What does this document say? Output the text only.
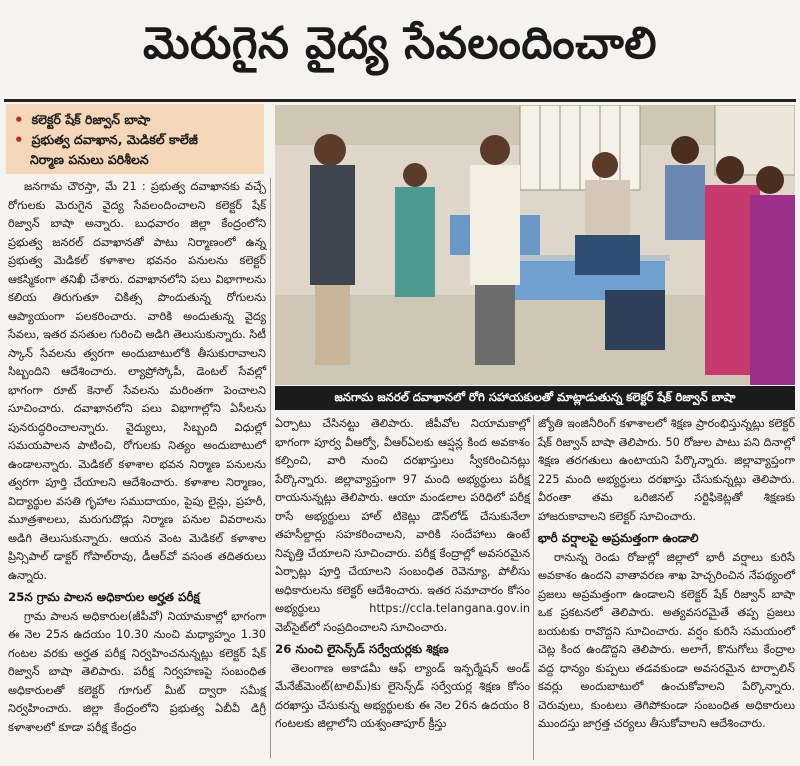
మెరుగైన వైద్య సేవలందించాలి
• కలెక్టర్ షేక్ రిజ్వాన్ బాషా
• ప్రభుత్వ దవాఖాన, మెడికల్ కాలేజీ
నిర్మాణ పనులు పరిశీలన
జనగామ జనరల్ దవాఖానలో రోగి సహాయకులతో మాట్లాడుతున్న కలెక్టర్ షేక్ రిజ్వాన్ బాషా

జనగామ చౌరస్తా, మే 21 : ప్రభుత్వ దవాఖానకు వచ్చే రోగులకు మెరుగైన వైద్య సేవలందించాలని కలెక్టర్ షేక్ రిజ్వాన్ బాషా అన్నారు. బుధవారం జిల్లా కేంద్రంలోని ప్రభుత్వ జనరల్ దవాఖానతో పాటు నిర్మాణంలో ఉన్న ప్రభుత్వ మెడికల్ కళాశాల భవనం పనులను కలెక్టర్ ఆకస్మికంగా తనిఖీ చేశారు. దవాఖానలోని పలు విభాగాలను కలియ తిరుగుతూ చికిత్స పొందుతున్న రోగులను ఆప్యాయంగా పలకరించారు. వారికి అందుతున్న వైద్య సేవలు, ఇతర వసతుల గురించి అడిగి తెలుసుకున్నారు. సిటీ స్కాన్ సేవలను త్వరగా అందుబాటులోకి తీసుకురావాలని సిబ్బందిని ఆదేశించారు. ల్యాప్రోస్కోపీ, డెంటల్ సేవల్లో భాగంగా రూట్ కెనాల్ సేవలను మరింతగా పెంచాలని సూచించారు. దవాఖానలోని పలు విభాగాల్లోని ఏసీలను పునరుద్ధరించాలన్నారు. వైద్యులు, సిబ్బంది విధుల్లో సమయపాలన పాటించి, రోగులకు నిత్యం అందుబాటులో ఉండాలన్నారు. మెడికల్ కళాశాల భవన నిర్మాణ పనులను త్వరగా పూర్తి చేయాలని ఆదేశించారు. కళాశాల నిర్మాణం, విద్యార్థుల వసతి గృహాల సముదాయం, పైపు లైన్లు, ప్రహరీ, మూత్రశాలలు, మరుగుదొడ్లు నిర్మాణ పనుల వివరాలను అడిగి తెలుసుకున్నారు. ఆయన వెంట మెడికల్ కళాశాల ప్రిన్సిపాల్ డాక్టర్ గోపాల్‌రావు, డీఆర్‌వో వసంత తదితరులు ఉన్నారు.

25న గ్రామ పాలన అధికారుల అర్హత పరీక్ష

గ్రామ పాలన అధికారుల(జీపీవో) నియామకాల్లో భాగంగా ఈ నెల 25న ఉదయం 10.30 నుంచి మధ్యాహ్నం 1.30 గంటల వరకు అర్హత పరీక్ష నిర్వహించనున్నట్లు కలెక్టర్ షేక్ రిజ్వాన్ బాషా తెలిపారు. పరీక్ష నిర్వహణపై సంబంధిత అధికారులతో కలెక్టర్ గూగుల్ మీట్ ద్వారా సమీక్ష నిర్వహించారు. జిల్లా కేంద్రంలోని ప్రభుత్వ ఏబీవీ డిగ్రీ కళాశాలలో కూడా పరీక్ష కేంద్రం

ఏర్పాటు చేసినట్టు తెలిపారు. జీపీవోల నియామకాల్లో భాగంగా పూర్వ వీఆర్వో, వీఆర్‌ఏలకు ఆప్షన్ల కింద అవకాశం కల్పించి, వారి నుంచి దరఖాస్తులు స్వీకరించినట్లు పేర్కొన్నారు. జిల్లావ్యాప్తంగా 97 మంది అభ్యర్థులు పరీక్ష రాయనున్నట్లు తెలిపారు. ఆయా మండలాల పరిధిలో పరీక్ష రాసే అభ్యర్థులు హాల్ టికెట్లు డౌన్‌లోడ్ చేసుకునేలా తహసీల్దార్లు సహకరించాలని, వారికి సందేహాలు ఉంటే నివృత్తి చేయాలని సూచించారు. పరీక్ష కేంద్రాల్లో అవసరమైన ఏర్పాట్లు పూర్తి చేయాలని సంబంధిత రెవెన్యూ, పోలీసు అధికారులను కలెక్టర్ ఆదేశించారు. ఇతర సమాచారం కోసం అభ్యర్థులు	https://ccla.telangana.gov.in వెబ్‌సైట్‌లో సంప్రదించాలని సూచించారు.

26 నుంచి లైసెన్స్‌డ్ సర్వేయర్లకు శిక్షణ

తెలంగాణ అకాడమీ ఆఫ్ ల్యాండ్ ఇన్ఫర్మేషన్ అండ్ మేనేజ్‌మెంట్(టాలిమ్)కు లైసెన్స్‌డ్ సర్వేయర్ల శిక్షణ కోసం దరఖాస్తు చేసుకున్న అభ్యర్థులకు ఈ నెల 26న ఉదయం 8 గంటలకు జిల్లాలోని యశ్వంతాపూర్ క్రీస్తు

జ్యోతి ఇంజినీరింగ్ కళాశాలలో శిక్షణ ప్రారంభిస్తున్నట్లు కలెక్టర్ షేక్ రిజ్వాన్ బాషా తెలిపారు. 50 రోజుల పాటు పని దినాల్లో శిక్షణ తరగతులు ఉంటాయని పేర్కొన్నారు. జిల్లావ్యాప్తంగా 225 మంది అభ్యర్థులు దరఖాస్తు చేసుకున్నట్లు తెలిపారు. వీరంతా తమ ఒరిజినల్ సర్టిఫికెట్లతో శిక్షణకు హాజరుకావాలని కలెక్టర్ సూచించారు.

భారీ వర్షాలపై అప్రమత్తంగా ఉండాలి

రానున్న రెండు రోజుల్లో జిల్లాలో భారీ వర్షాలు కురిసే అవకాశం ఉందని వాతావరణ శాఖ హెచ్చరించిన నేపథ్యంలో ప్రజలు అప్రమత్తంగా ఉండాలని కలెక్టర్ షేక్ రిజ్వాన్ బాషా ఒక ప్రకటనలో తెలిపారు. అత్యవసరమైతే తప్ప ప్రజలు బయటకు రావొద్దని సూచించారు. వర్షం కురిసే సమయంలో చెట్ల కింద ఉండొద్దని తెలిపారు. అలాగే, కొనుగోలు కేంద్రాల వద్ద ధాన్యం కుప్పలు తడవకుండా అవసరమైన టార్పాలిన్ కవర్లు అందుబాటులో ఉంచుకోవాలని పేర్కొన్నారు. చెరువులు, కుంటలు తెగిపోకుండా సంబంధిత అధికారులు ముందస్తు జాగ్రత్త చర్యలు తీసుకోవాలని ఆదేశించారు.
